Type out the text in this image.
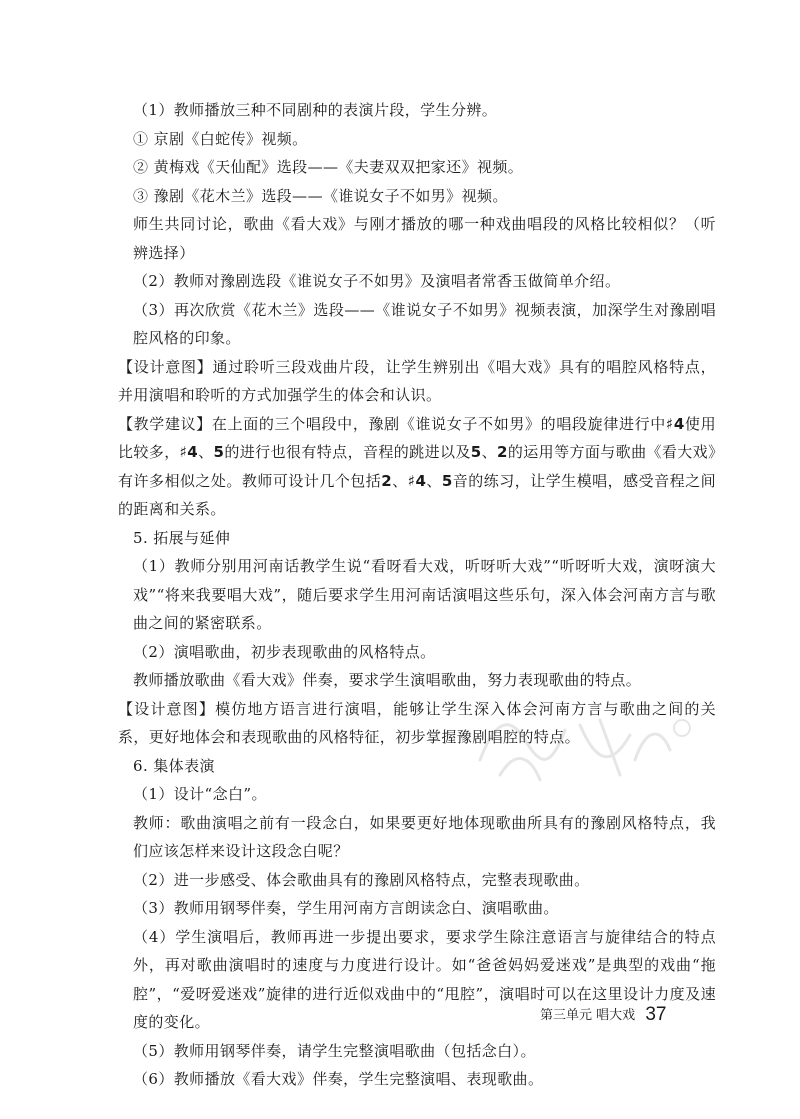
（1）教师播放三种不同剧种的表演片段，学生分辨。

① 京剧《白蛇传》视频。

② 黄梅戏《天仙配》选段——《夫妻双双把家还》视频。

③ 豫剧《花木兰》选段——《谁说女子不如男》视频。

师生共同讨论，歌曲《看大戏》与刚才播放的哪一种戏曲唱段的风格比较相似？（听辨选择）

（2）教师对豫剧选段《谁说女子不如男》及演唱者常香玉做简单介绍。

（3）再次欣赏《花木兰》选段——《谁说女子不如男》视频表演，加深学生对豫剧唱腔风格的印象。

【设计意图】通过聆听三段戏曲片段，让学生辨别出《唱大戏》具有的唱腔风格特点，并用演唱和聆听的方式加强学生的体会和认识。

【教学建议】在上面的三个唱段中，豫剧《谁说女子不如男》的唱段旋律进行中♯4使用比较多，♯4、5的进行也很有特点，音程的跳进以及5、2的运用等方面与歌曲《看大戏》有许多相似之处。教师可设计几个包括2、♯4、5音的练习，让学生模唱，感受音程之间的距离和关系。

5. 拓展与延伸

（1）教师分别用河南话教学生说“看呀看大戏，听呀听大戏”“听呀听大戏，演呀演大戏”“将来我要唱大戏”，随后要求学生用河南话演唱这些乐句，深入体会河南方言与歌曲之间的紧密联系。

（2）演唱歌曲，初步表现歌曲的风格特点。

教师播放歌曲《看大戏》伴奏，要求学生演唱歌曲，努力表现歌曲的特点。

【设计意图】模仿地方语言进行演唱，能够让学生深入体会河南方言与歌曲之间的关系，更好地体会和表现歌曲的风格特征，初步掌握豫剧唱腔的特点。

6. 集体表演

（1）设计“念白”。

教师：歌曲演唱之前有一段念白，如果要更好地体现歌曲所具有的豫剧风格特点，我们应该怎样来设计这段念白呢？

（2）进一步感受、体会歌曲具有的豫剧风格特点，完整表现歌曲。

（3）教师用钢琴伴奏，学生用河南方言朗读念白、演唱歌曲。

（4）学生演唱后，教师再进一步提出要求，要求学生除注意语言与旋律结合的特点外，再对歌曲演唱时的速度与力度进行设计。如“爸爸妈妈爱迷戏”是典型的戏曲“拖腔”，“爱呀爱迷戏”旋律的进行近似戏曲中的“甩腔”，演唱时可以在这里设计力度及速度的变化。

（5）教师用钢琴伴奏，请学生完整演唱歌曲（包括念白）。

（6）教师播放《看大戏》伴奏，学生完整演唱、表现歌曲。

第三单元 唱大戏 37
